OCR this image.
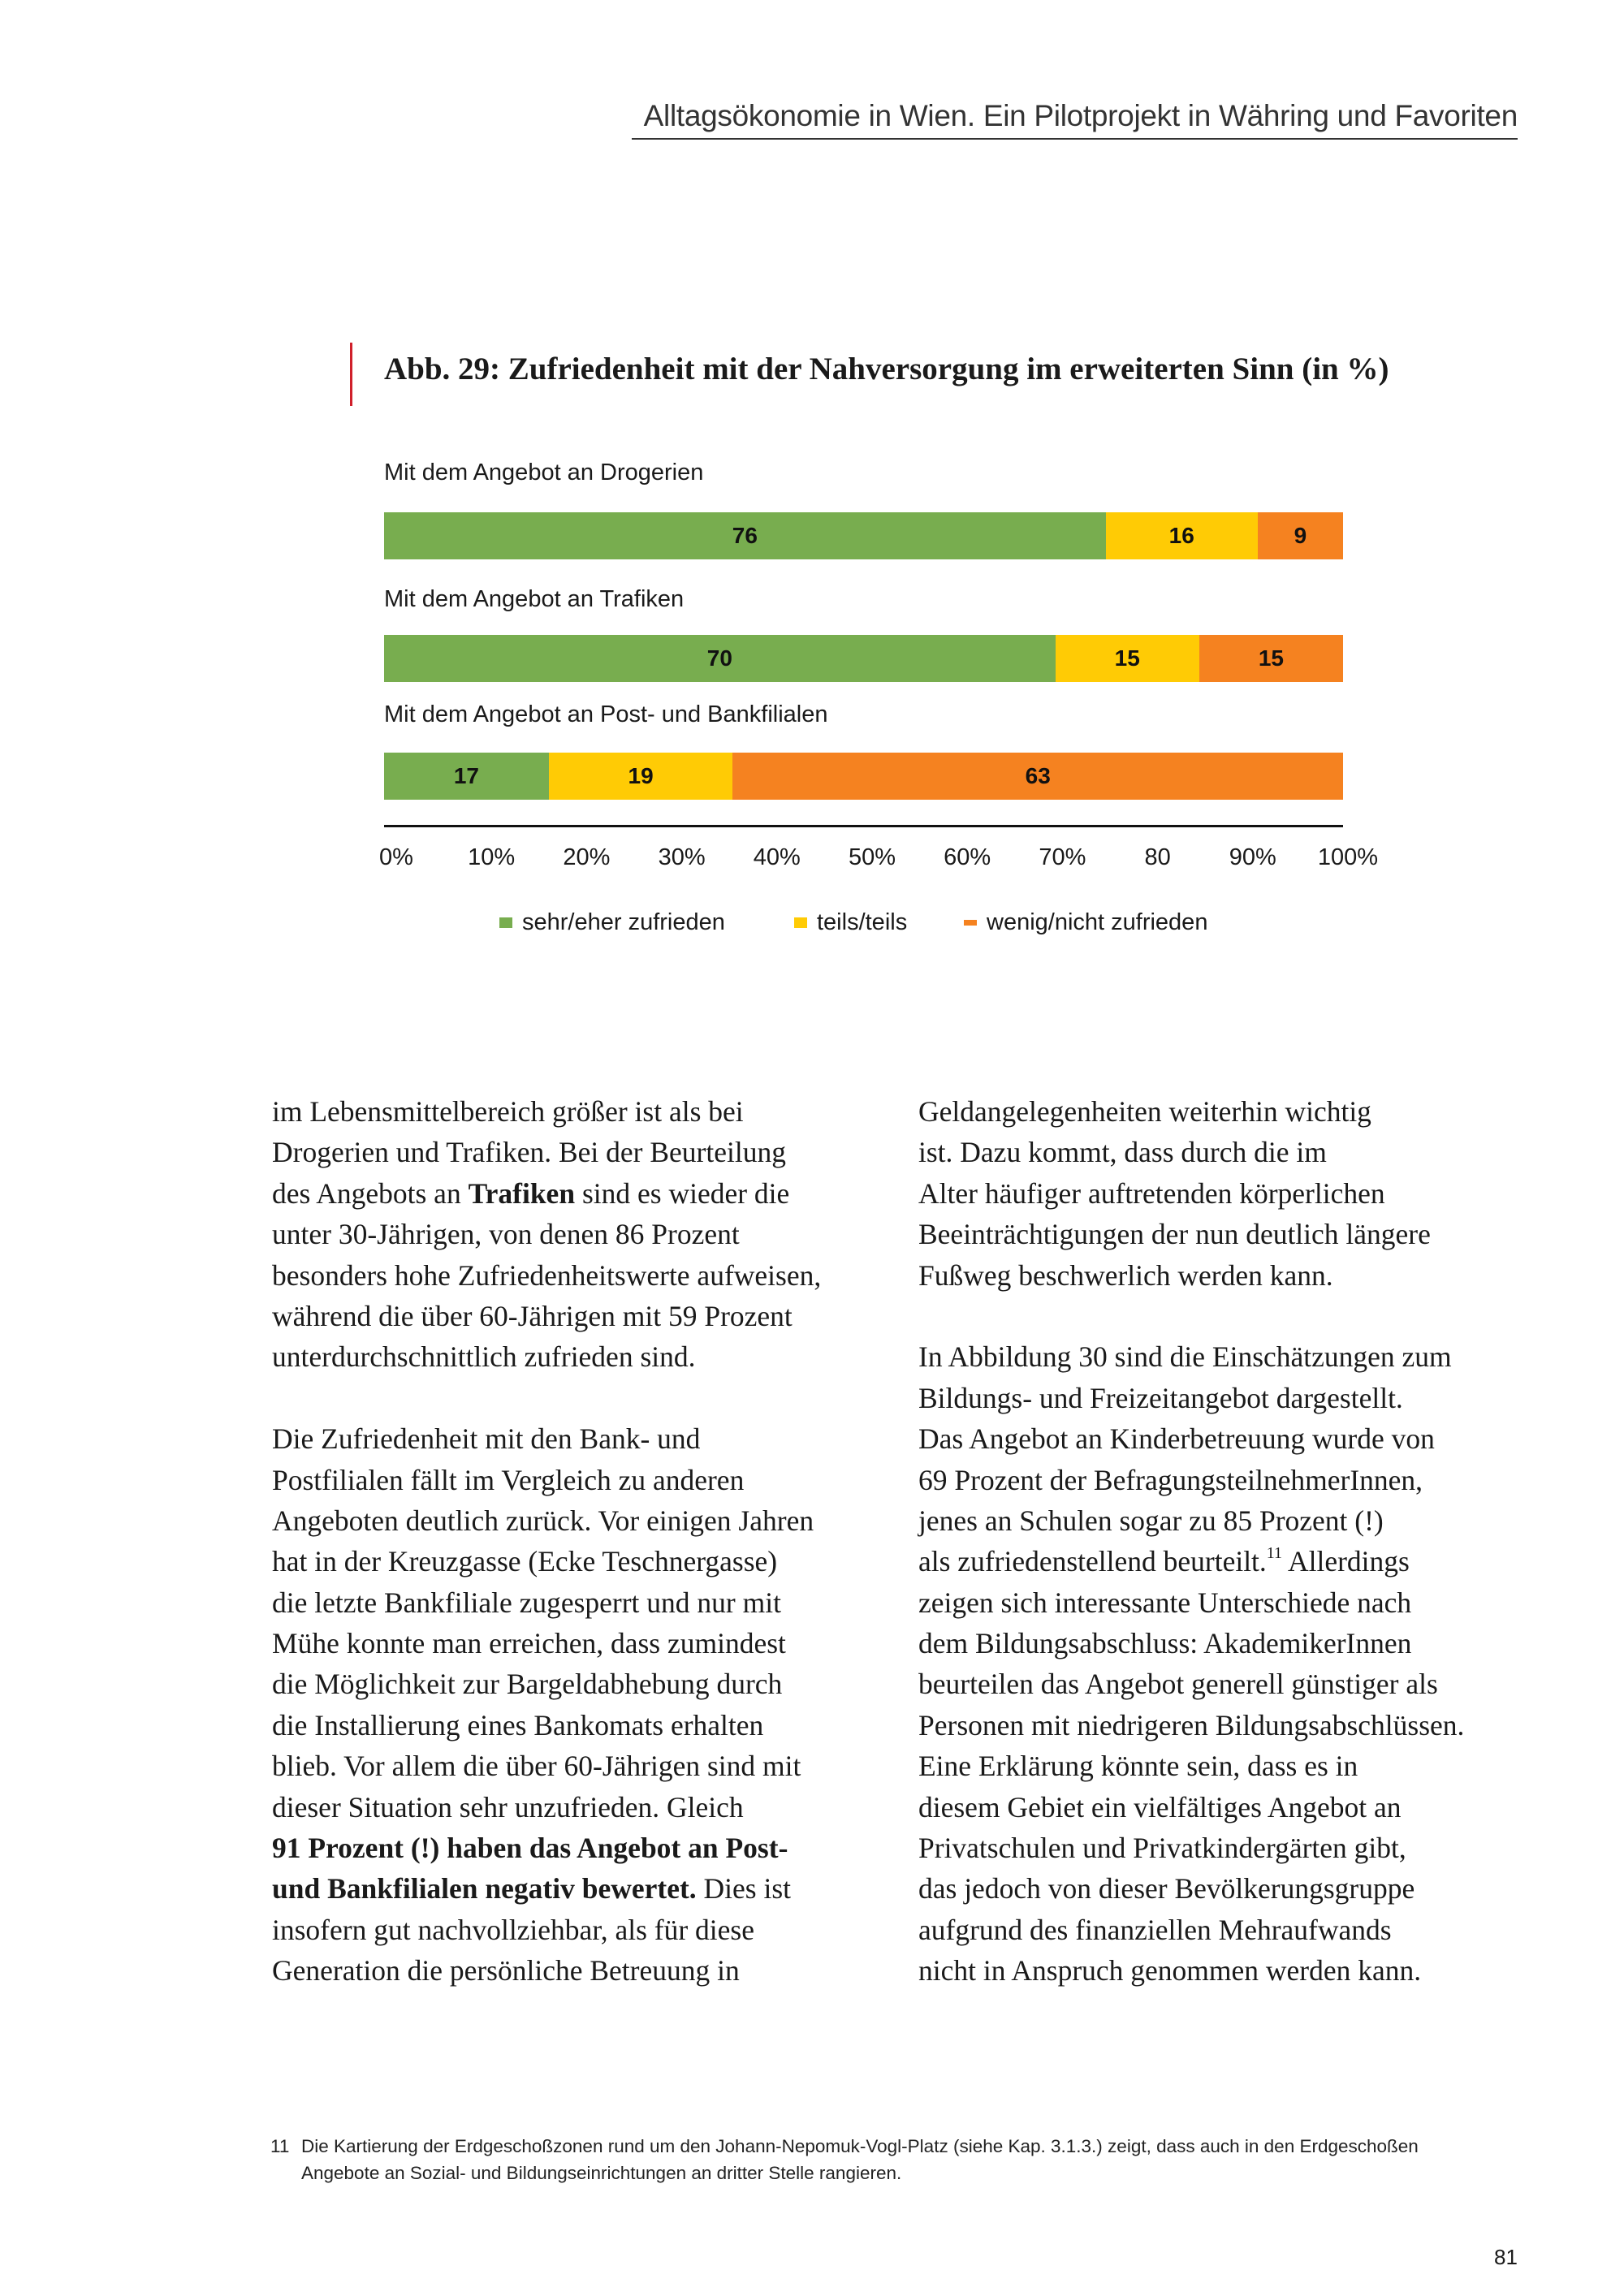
Alltagsökonomie in Wien. Ein Pilotprojekt in Währing und Favoriten
Abb. 29: Zufriedenheit mit der Nahversorgung im erweiterten Sinn (in %)
Mit dem Angebot an Drogerien
76	16	9
Mit dem Angebot an Trafiken
70	15	15
Mit dem Angebot an Post- und Bankfilialen
17	19	63
0% 10% 20% 30% 40% 50% 60% 70% 80 90% 100%
sehr/eher zufrieden	teils/teils	wenig/nicht zufrieden
im Lebensmittelbereich größer ist als bei
Drogerien und Trafiken. Bei der Beurteilung
des Angebots an Trafiken sind es wieder die
unter 30-Jährigen, von denen 86 Prozent
besonders hohe Zufriedenheitswerte aufweisen,
während die über 60-Jährigen mit 59 Prozent
unterdurchschnittlich zufrieden sind.
Die Zufriedenheit mit den Bank- und
Postfilialen fällt im Vergleich zu anderen
Angeboten deutlich zurück. Vor einigen Jahren
hat in der Kreuzgasse (Ecke Teschnergasse)
die letzte Bankfiliale zugesperrt und nur mit
Mühe konnte man erreichen, dass zumindest
die Möglichkeit zur Bargeldabhebung durch
die Installierung eines Bankomats erhalten
blieb. Vor allem die über 60-Jährigen sind mit
dieser Situation sehr unzufrieden. Gleich
91 Prozent (!) haben das Angebot an Post-
und Bankfilialen negativ bewertet. Dies ist
insofern gut nachvollziehbar, als für diese
Generation die persönliche Betreuung in
Geldangelegenheiten weiterhin wichtig
ist. Dazu kommt, dass durch die im
Alter häufiger auftretenden körperlichen
Beeinträchtigungen der nun deutlich längere
Fußweg beschwerlich werden kann.
In Abbildung 30 sind die Einschätzungen zum
Bildungs- und Freizeitangebot dargestellt.
Das Angebot an Kinderbetreuung wurde von
69 Prozent der BefragungsteilnehmerInnen,
jenes an Schulen sogar zu 85 Prozent (!)
als zufriedenstellend beurteilt.$^{11}$ Allerdings
zeigen sich interessante Unterschiede nach
dem Bildungsabschluss: AkademikerInnen
beurteilen das Angebot generell günstiger als
Personen mit niedrigeren Bildungsabschlüssen.
Eine Erklärung könnte sein, dass es in
diesem Gebiet ein vielfältiges Angebot an
Privatschulen und Privatkindergärten gibt,
das jedoch von dieser Bevölkerungsgruppe
aufgrund des finanziellen Mehraufwands
nicht in Anspruch genommen werden kann.
11 Die Kartierung der Erdgeschoßzonen rund um den Johann-Nepomuk-Vogl-Platz (siehe Kap. 3.1.3.) zeigt, dass auch in den Erdgeschoßen
Angebote an Sozial- und Bildungseinrichtungen an dritter Stelle rangieren.
81
